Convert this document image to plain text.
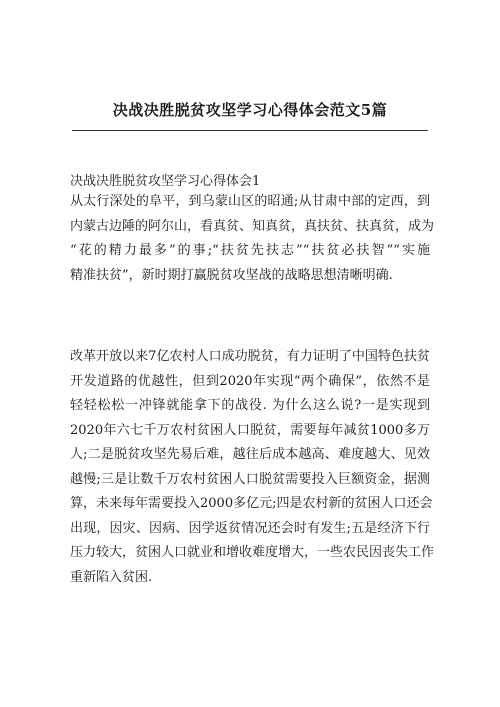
决战决胜脱贫攻坚学习心得体会范文5篇
决战决胜脱贫攻坚学习心得体会1
从太行深处的阜平，到乌蒙山区的昭通;从甘肃中部的定西，到
内蒙古边陲的阿尔山，看真贫、知真贫，真扶贫、扶真贫，成为
“花的精力最多”的事;“扶贫先扶志”“扶贫必扶智”“实施
精准扶贫”，新时期打赢脱贫攻坚战的战略思想清晰明确.
改革开放以来7亿农村人口成功脱贫，有力证明了中国特色扶贫
开发道路的优越性，但到2020年实现“两个确保”，依然不是
轻轻松松一冲锋就能拿下的战役. 为什么这么说?一是实现到
2020年六七千万农村贫困人口脱贫，需要每年减贫1000多万
人;二是脱贫攻坚先易后难，越往后成本越高、难度越大、见效
越慢;三是让数千万农村贫困人口脱贫需要投入巨额资金，据测
算，未来每年需要投入2000多亿元;四是农村新的贫困人口还会
出现，因灾、因病、因学返贫情况还会时有发生;五是经济下行
压力较大，贫困人口就业和增收难度增大，一些农民因丧失工作
重新陷入贫困.
